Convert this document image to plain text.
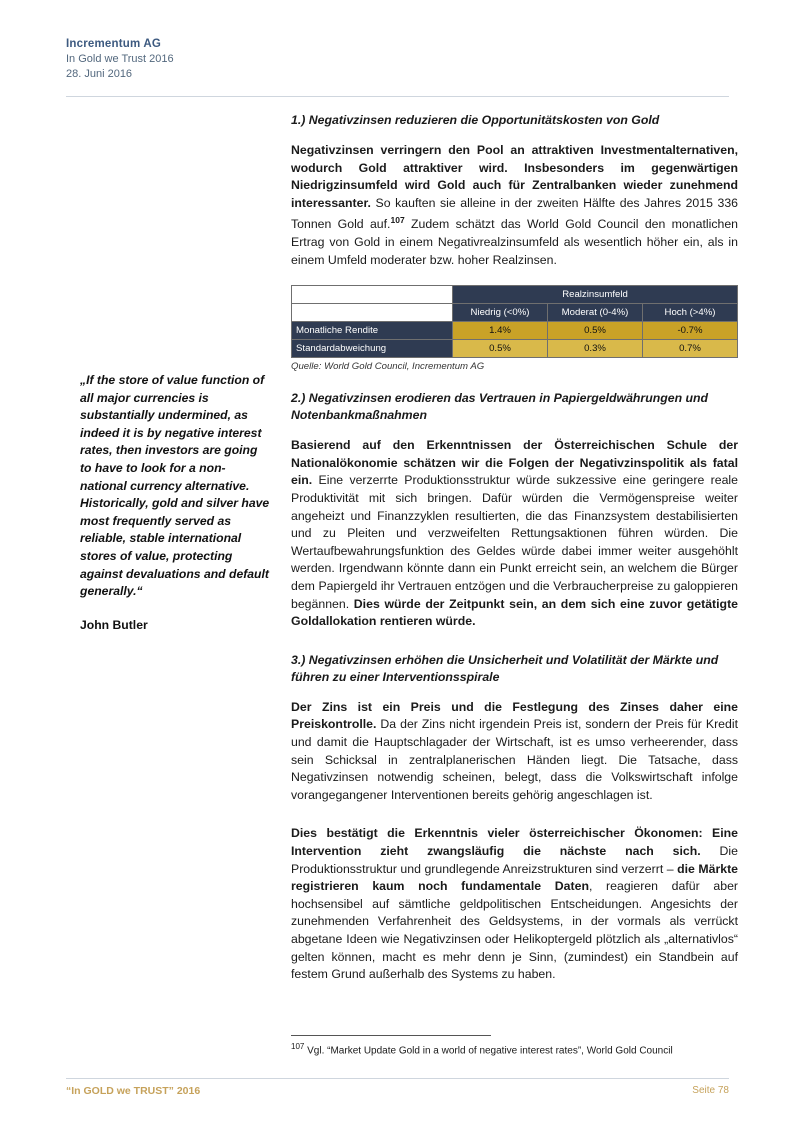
Incrementum AG
In Gold we Trust 2016
28. Juni 2016
„If the store of value function of all major currencies is substantially undermined, as indeed it is by negative interest rates, then investors are going to have to look for a non-national currency alternative. Historically, gold and silver have most frequently served as reliable, stable international stores of value, protecting against devaluations and default generally.“
John Butler
1.) Negativzinsen reduzieren die Opportunitätskosten von Gold

Negativzinsen verringern den Pool an attraktiven Investmentalternativen, wodurch Gold attraktiver wird. Insbesonders im gegenwärtigen Niedrigzinsumfeld wird Gold auch für Zentralbanken wieder zunehmend interessanter. So kauften sie alleine in der zweiten Hälfte des Jahres 2015 336 Tonnen Gold auf.$^{107}$ Zudem schätzt das World Gold Council den monatlichen Ertrag von Gold in einem Negativrealzinsumfeld als wesentlich höher ein, als in einem Umfeld moderater bzw. hoher Realzinsen.

	Realzinsumfeld		
	Niedrig (<0%)	Moderat (0-4%)	Hoch (>4%)
Monatliche Rendite	1.4%	0.5%	-0.7%
Standardabweichung	0.5%	0.3%	0.7%
Quelle: World Gold Council, Incrementum AG
2.) Negativzinsen erodieren das Vertrauen in Papiergeldwährungen und Notenbankmaßnahmen

Basierend auf den Erkenntnissen der Österreichischen Schule der Nationalökonomie schätzen wir die Folgen der Negativzinspolitik als fatal ein. Eine verzerrte Produktionsstruktur würde sukzessive eine geringere reale Produktivität mit sich bringen. Dafür würden die Vermögenspreise weiter angeheizt und Finanzzyklen resultierten, die das Finanzsystem destabilisierten und zu Pleiten und verzweifelten Rettungsaktionen führen würden. Die Wertaufbewahrungsfunktion des Geldes würde dabei immer weiter ausgehöhlt werden. Irgendwann könnte dann ein Punkt erreicht sein, an welchem die Bürger dem Papiergeld ihr Vertrauen entzögen und die Verbraucherpreise zu galoppieren begännen. Dies würde der Zeitpunkt sein, an dem sich eine zuvor getätigte Goldallokation rentieren würde.

3.) Negativzinsen erhöhen die Unsicherheit und Volatilität der Märkte und führen zu einer Interventionsspirale

Der Zins ist ein Preis und die Festlegung des Zinses daher eine Preiskontrolle. Da der Zins nicht irgendein Preis ist, sondern der Preis für Kredit und damit die Hauptschlagader der Wirtschaft, ist es umso verheerender, dass sein Schicksal in zentralplanerischen Händen liegt. Die Tatsache, dass Negativzinsen notwendig scheinen, belegt, dass die Volkswirtschaft infolge vorangegangener Interventionen bereits gehörig angeschlagen ist.

Dies bestätigt die Erkenntnis vieler österreichischer Ökonomen: Eine Intervention zieht zwangsläufig die nächste nach sich. Die Produktionsstruktur und grundlegende Anreizstrukturen sind verzerrt – die Märkte registrieren kaum noch fundamentale Daten, reagieren dafür aber hochsensibel auf sämtliche geldpolitischen Entscheidungen. Angesichts der zunehmenden Verfahrenheit des Geldsystems, in der vormals als verrückt abgetane Ideen wie Negativzinsen oder Helikoptergeld plötzlich als „alternativlos“ gelten können, macht es mehr denn je Sinn, (zumindest) ein Standbein auf festem Grund außerhalb des Systems zu haben.

$^{107}$ Vgl. “Market Update Gold in a world of negative interest rates”, World Gold Council
“In GOLD we TRUST” 2016	Seite 78
